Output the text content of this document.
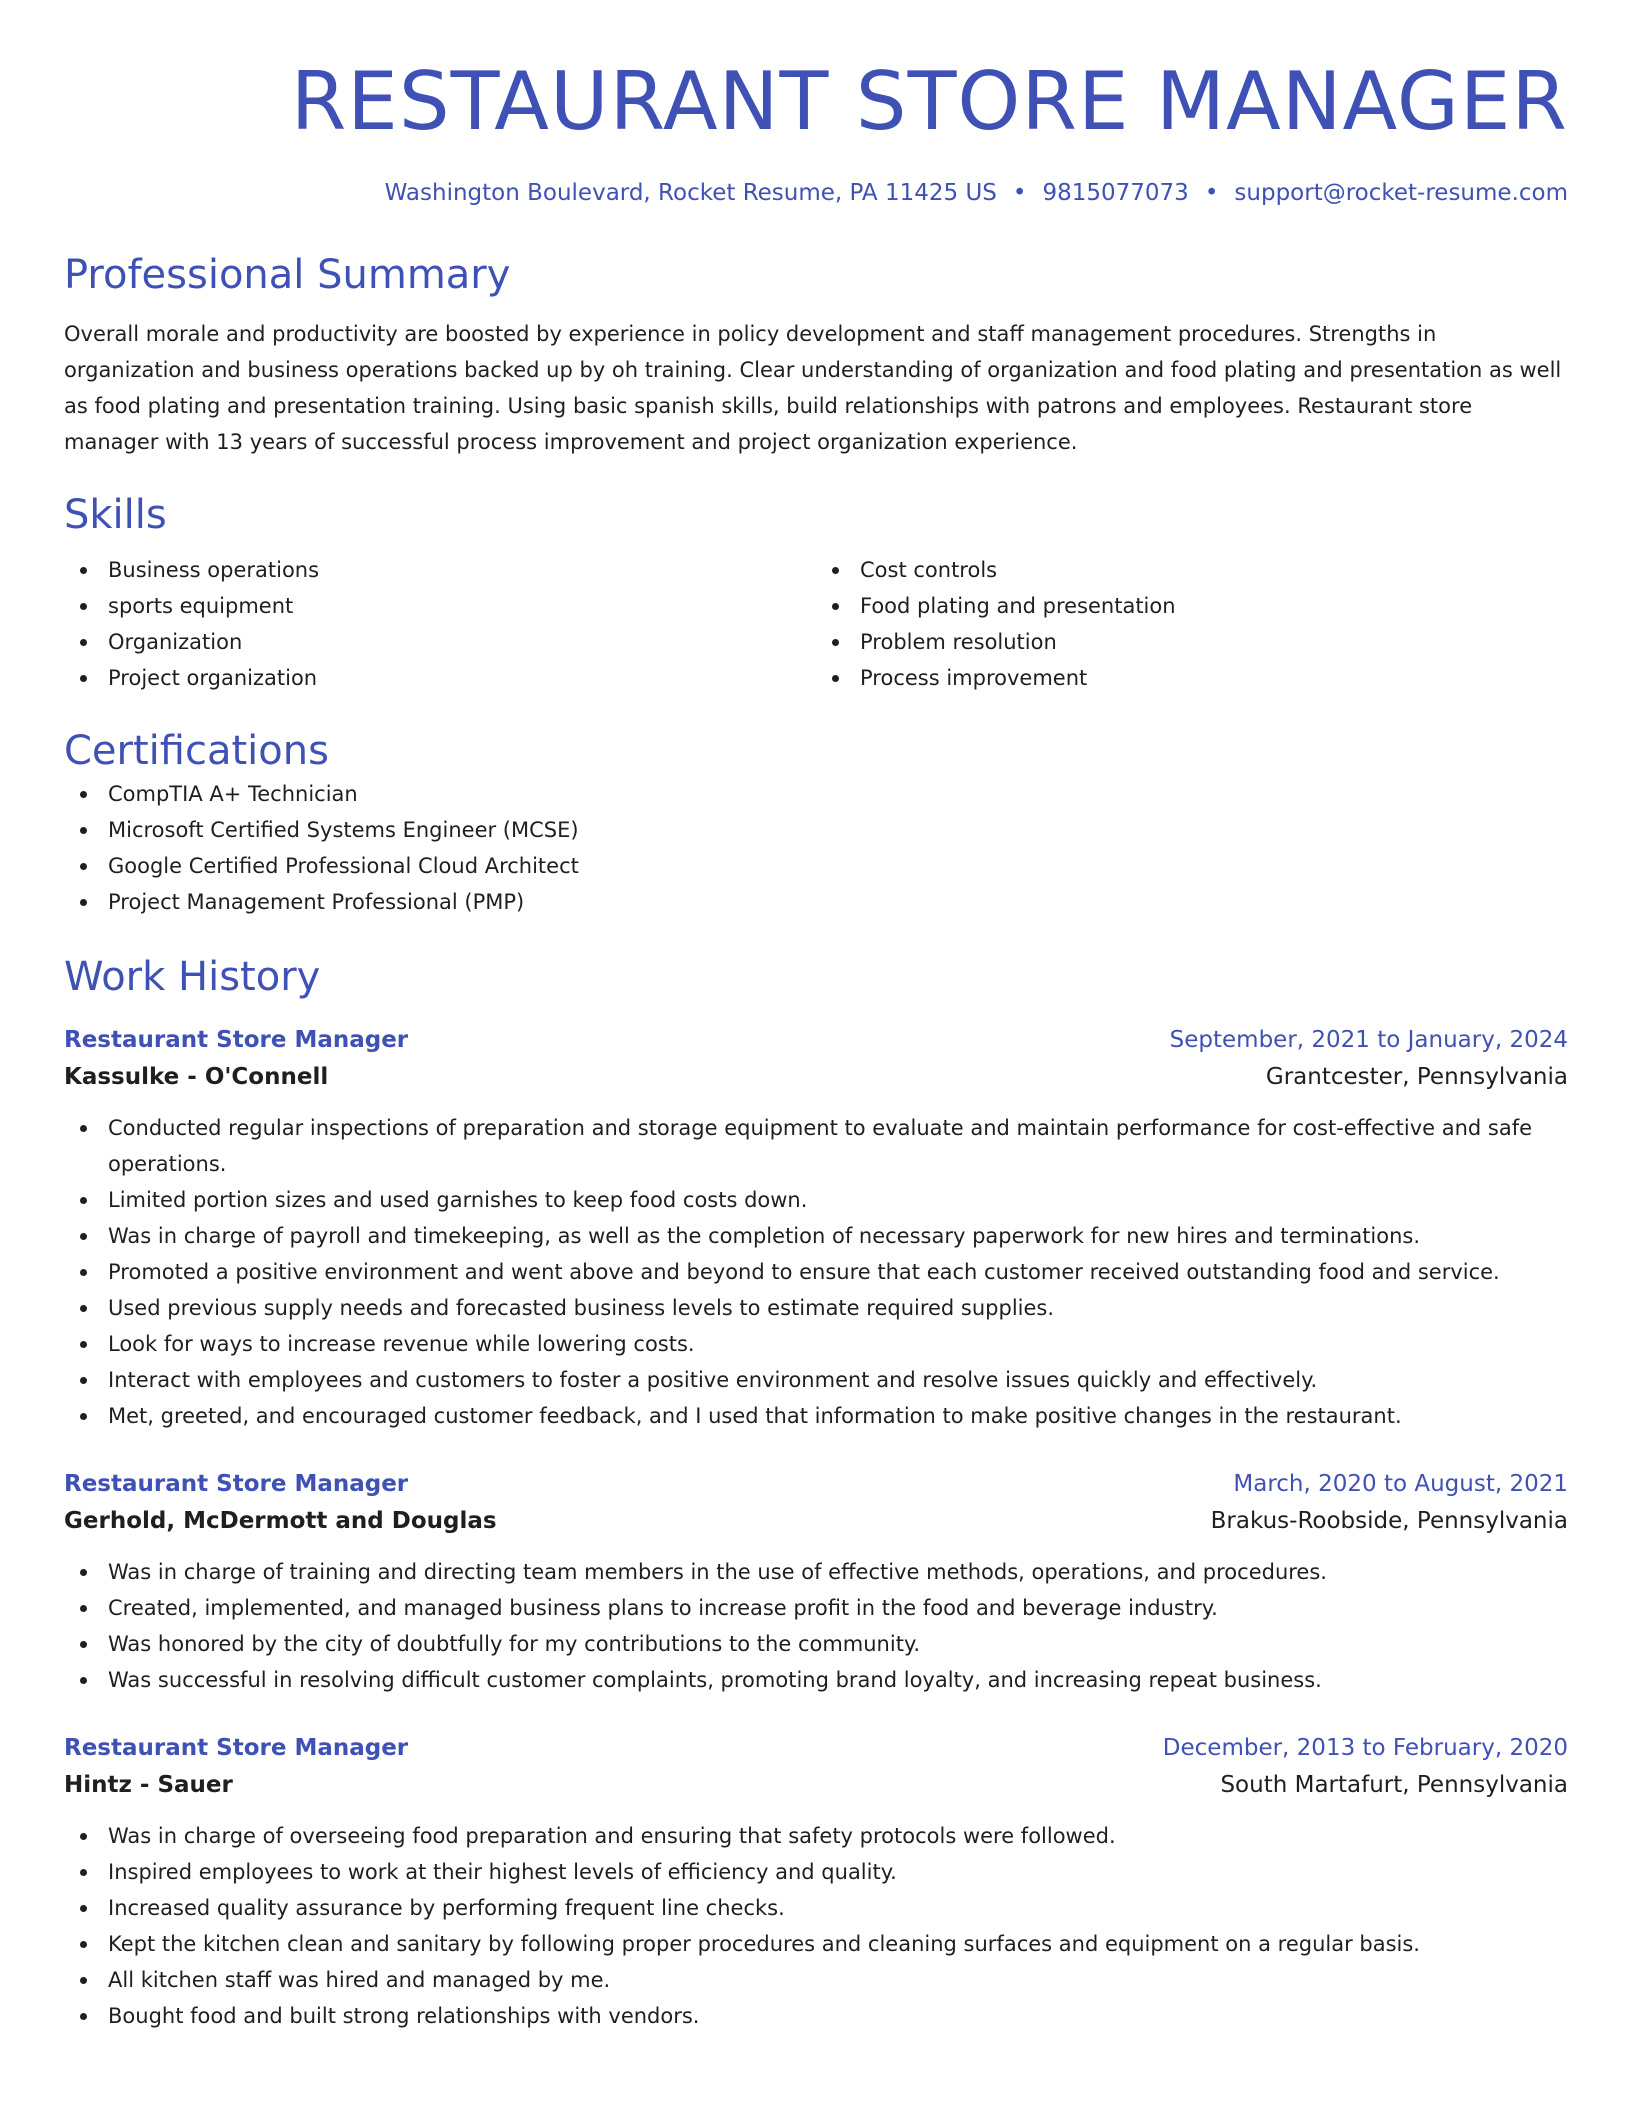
RESTAURANT STORE MANAGER
Washington Boulevard, Rocket Resume, PA 11425 US • 9815077073 • support@rocket-resume.com
Professional Summary

Overall morale and productivity are boosted by experience in policy development and staff management procedures. Strengths in organization and business operations backed up by oh training. Clear understanding of organization and food plating and presentation as well as food plating and presentation training. Using basic spanish skills, build relationships with patrons and employees. Restaurant store manager with 13 years of successful process improvement and project organization experience.

Skills
Business operations
sports equipment
Organization
Project organization
Cost controls
Food plating and presentation
Problem resolution
Process improvement
Certifications
CompTIA A+ Technician
Microsoft Certified Systems Engineer (MCSE)
Google Certified Professional Cloud Architect
Project Management Professional (PMP)
Work History
Restaurant Store Manager	September, 2021 to January, 2024
Kassulke - O'Connell	Grantcester, Pennsylvania
Conducted regular inspections of preparation and storage equipment to evaluate and maintain performance for cost-effective and safe operations.
Limited portion sizes and used garnishes to keep food costs down.
Was in charge of payroll and timekeeping, as well as the completion of necessary paperwork for new hires and terminations.
Promoted a positive environment and went above and beyond to ensure that each customer received outstanding food and service.
Used previous supply needs and forecasted business levels to estimate required supplies.
Look for ways to increase revenue while lowering costs.
Interact with employees and customers to foster a positive environment and resolve issues quickly and effectively.
Met, greeted, and encouraged customer feedback, and I used that information to make positive changes in the restaurant.
Restaurant Store Manager	March, 2020 to August, 2021
Gerhold, McDermott and Douglas	Brakus-Roobside, Pennsylvania
Was in charge of training and directing team members in the use of effective methods, operations, and procedures.
Created, implemented, and managed business plans to increase profit in the food and beverage industry.
Was honored by the city of doubtfully for my contributions to the community.
Was successful in resolving difficult customer complaints, promoting brand loyalty, and increasing repeat business.
Restaurant Store Manager	December, 2013 to February, 2020
Hintz - Sauer	South Martafurt, Pennsylvania
Was in charge of overseeing food preparation and ensuring that safety protocols were followed.
Inspired employees to work at their highest levels of efficiency and quality.
Increased quality assurance by performing frequent line checks.
Kept the kitchen clean and sanitary by following proper procedures and cleaning surfaces and equipment on a regular basis.
All kitchen staff was hired and managed by me.
Bought food and built strong relationships with vendors.
